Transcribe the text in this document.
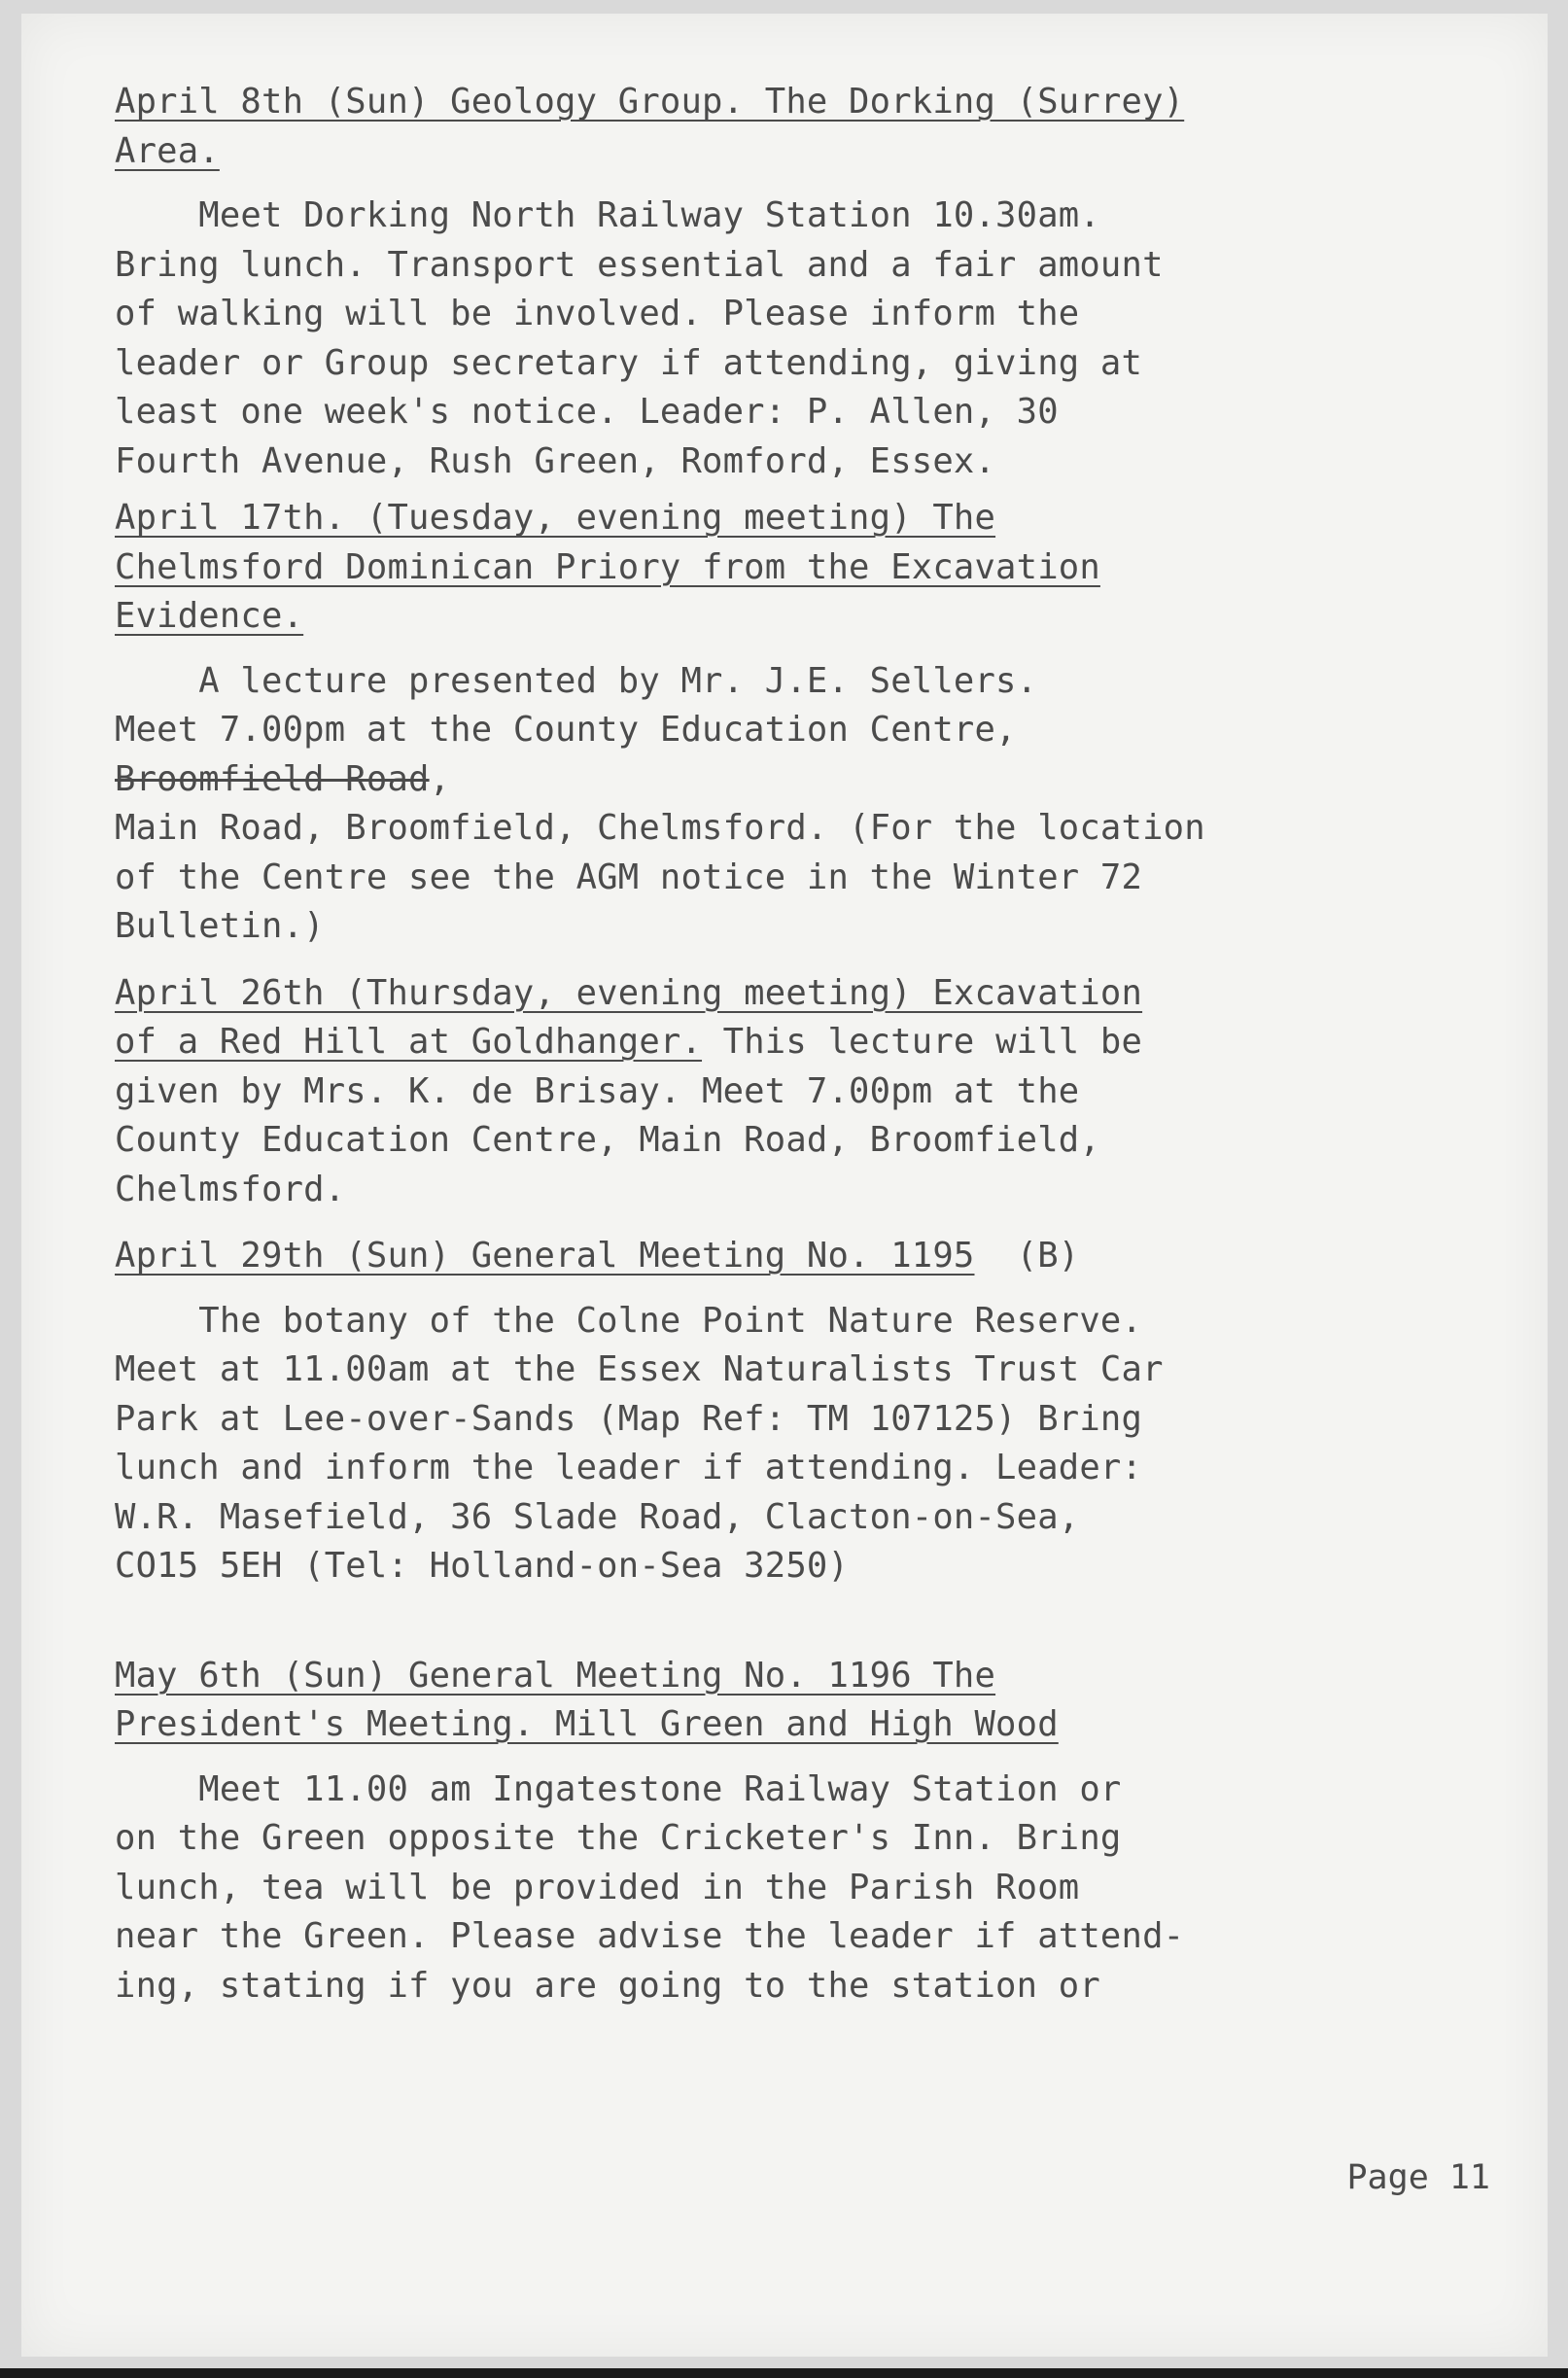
April 8th (Sun) Geology Group. The Dorking (Surrey)
Area.
Meet Dorking North Railway Station 10.30am.
Bring lunch. Transport essential and a fair amount
of walking will be involved. Please inform the
leader or Group secretary if attending, giving at
least one week's notice. Leader: P. Allen, 30
Fourth Avenue, Rush Green, Romford, Essex.
April 17th. (Tuesday, evening meeting) The
Chelmsford Dominican Priory from the Excavation
Evidence.
A lecture presented by Mr. J.E. Sellers.
Meet 7.00pm at the County Education Centre,
Broomfield Road,
Main Road, Broomfield, Chelmsford. (For the location
of the Centre see the AGM notice in the Winter 72
Bulletin.)
April 26th (Thursday, evening meeting) Excavation
of a Red Hill at Goldhanger. This lecture will be
given by Mrs. K. de Brisay. Meet 7.00pm at the
County Education Centre, Main Road, Broomfield,
Chelmsford.
April 29th (Sun) General Meeting No. 1195  (B)
The botany of the Colne Point Nature Reserve.
Meet at 11.00am at the Essex Naturalists Trust Car
Park at Lee-over-Sands (Map Ref: TM 107125) Bring
lunch and inform the leader if attending. Leader:
W.R. Masefield, 36 Slade Road, Clacton-on-Sea,
CO15 5EH (Tel: Holland-on-Sea 3250)
May 6th (Sun) General Meeting No. 1196 The
President's Meeting. Mill Green and High Wood
Meet 11.00 am Ingatestone Railway Station or
on the Green opposite the Cricketer's Inn. Bring
lunch, tea will be provided in the Parish Room
near the Green. Please advise the leader if attend-
ing, stating if you are going to the station or
Page 11
